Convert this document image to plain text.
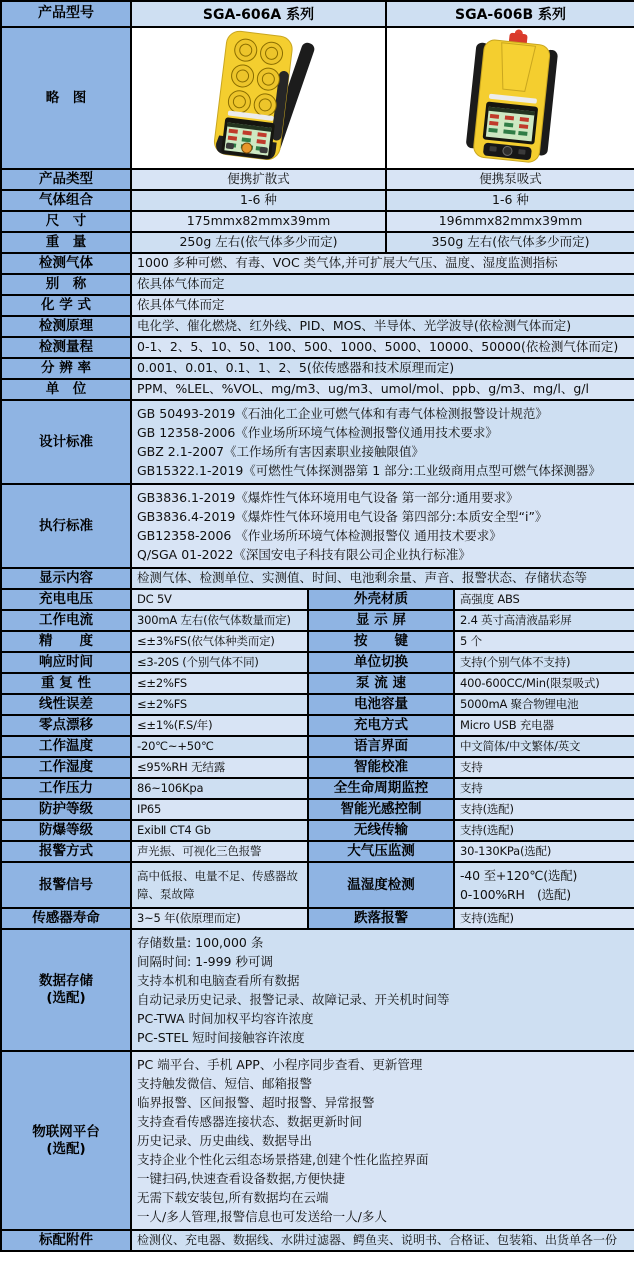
产品型号	SGA-606A 系列		SGA-606B 系列	
略　图	

产品类型	便携扩散式		便携泵吸式	
气体组合	1-6 种		1-6 种	
尺　寸	175mmx82mmx39mm		196mmx82mmx39mm	
重　量	250g 左右(依气体多少而定)		350g 左右(依气体多少而定)	
检测气体	1000 多种可燃、有毒、VOC 类气体,并可扩展大气压、温度、湿度监测指标			
别　称	依具体气体而定			
化 学 式	依具体气体而定			
检测原理	电化学、催化燃烧、红外线、PID、MOS、半导体、光学波导(依检测气体而定)			
检测量程	0-1、2、5、10、50、100、500、1000、5000、10000、50000(依检测气体而定)			
分 辨 率	0.001、0.01、0.1、1、2、5(依传感器和技术原理而定)			
单　位	PPM、%LEL、%VOL、mg/m3、ug/m3、umol/mol、ppb、g/m3、mg/l、g/l			
设计标准	GB 50493-2019《石油化工企业可燃气体和有毒气体检测报警设计规范》
GB 12358-2006《作业场所环境气体检测报警仪通用技术要求》
GBZ 2.1-2007《工作场所有害因素职业接触限值》
GB15322.1-2019《可燃性气体探测器第 1 部分:工业级商用点型可燃气体探测器》			

执行标准	GB3836.1-2019《爆炸性气体环境用电气设备 第一部分:通用要求》
GB3836.4-2019《爆炸性气体环境用电气设备 第四部分:本质安全型“i”》
GB12358-2006 《作业场所环境气体检测报警仪 通用技术要求》
Q/SGA 01-2022《深国安电子科技有限公司企业执行标准》			

显示内容	检测气体、检测单位、实测值、时间、电池剩余量、声音、报警状态、存储状态等			
充电电压	DC 5V	外壳材质		高强度 ABS
工作电流	300mA 左右(依气体数量而定)	显 示 屏		2.4 英寸高清液晶彩屏
精　　度	≤±3%FS(依气体种类而定)	按　　键		5 个
响应时间	≤3-20S (个别气体不同)	单位切换		支持(个别气体不支持)
重 复 性	≤±2%FS	泵 流 速		400-600CC/Min(限泵吸式)
线性误差	≤±2%FS	电池容量		5000mA 聚合物锂电池
零点漂移	≤±1%(F.S/年)	充电方式		Micro USB 充电器
工作温度	-20℃~+50℃	语言界面		中文简体/中文繁体/英文
工作湿度	≤95%RH 无结露	智能校准		支持
工作压力	86~106Kpa	全生命周期监控		支持
防护等级	IP65	智能光感控制		支持(选配)
防爆等级	ExibⅡ CT4 Gb	无线传输		支持(选配)
报警方式	声光振、可视化三色报警	大气压监测		30-130KPa(选配)
报警信号	高中低报、电量不足、传感器故障、泵故障	温湿度检测		-40 至+120℃(选配)
0-100%RH　(选配)

传感器寿命	3~5 年(依原理而定)	跌落报警		支持(选配)

数据存储
(选配)

存储数量: 100,000 条
间隔时间: 1-999 秒可调
支持本机和电脑查看所有数据
自动记录历史记录、报警记录、故障记录、开关机时间等
PC-TWA 时间加权平均容许浓度
PC-STEL 短时间接触容许浓度

物联网平台
(选配)

PC 端平台、手机 APP、小程序同步查看、更新管理
支持触发微信、短信、邮箱报警
临界报警、区间报警、超时报警、异常报警
支持查看传感器连接状态、数据更新时间
历史记录、历史曲线、数据导出
支持企业个性化云组态场景搭建,创建个性化监控界面
一键扫码,快速查看设备数据,方便快捷
无需下载安装包,所有数据均在云端
一人/多人管理,报警信息也可发送给一人/多人

标配附件	检测仪、充电器、数据线、水阱过滤器、鳄鱼夹、说明书、合格证、包装箱、出货单各一份			
